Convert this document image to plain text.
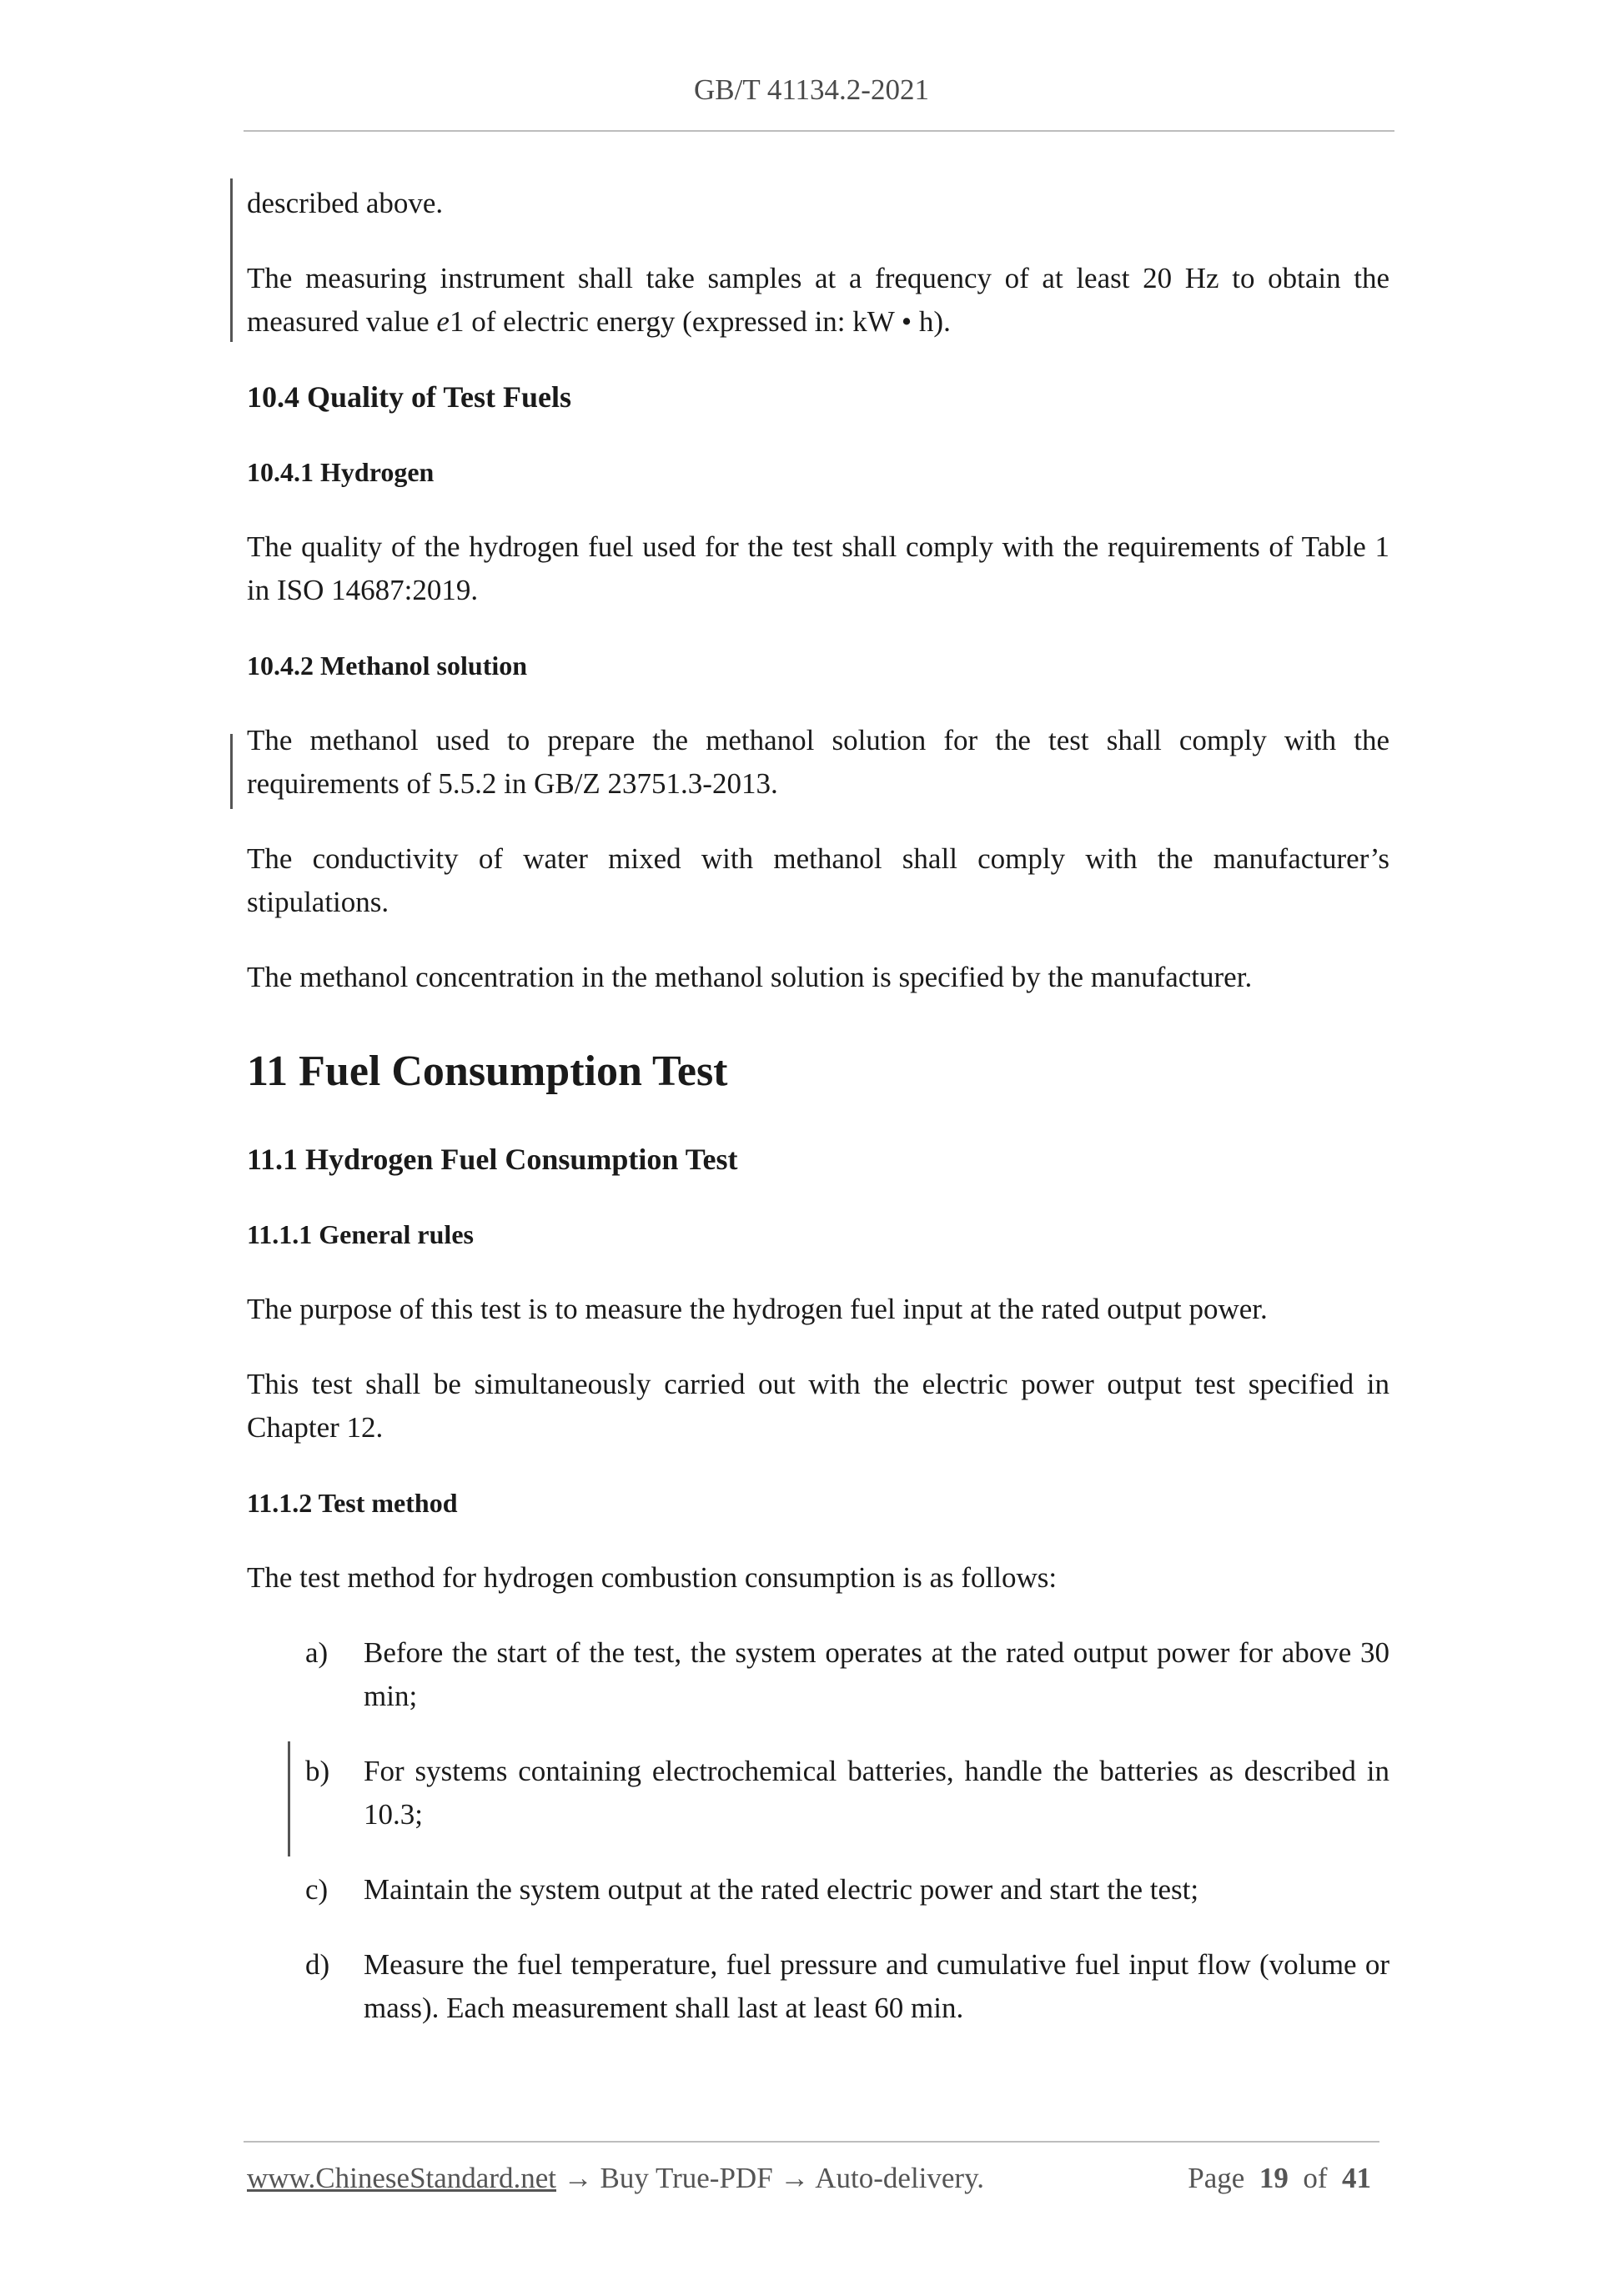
GB/T 41134.2-2021

described above.

The measuring instrument shall take samples at a frequency of at least 20 Hz to obtain the measured value e1 of electric energy (expressed in: kW • h).

10.4 Quality of Test Fuels

10.4.1 Hydrogen

The quality of the hydrogen fuel used for the test shall comply with the requirements of Table 1 in ISO 14687:2019.

10.4.2 Methanol solution

The methanol used to prepare the methanol solution for the test shall comply with the requirements of 5.5.2 in GB/Z 23751.3-2013.

The conductivity of water mixed with methanol shall comply with the manufacturer’s stipulations.

The methanol concentration in the methanol solution is specified by the manufacturer.

11 Fuel Consumption Test

11.1 Hydrogen Fuel Consumption Test

11.1.1 General rules

The purpose of this test is to measure the hydrogen fuel input at the rated output power.

This test shall be simultaneously carried out with the electric power output test specified in Chapter 12.

11.1.2 Test method

The test method for hydrogen combustion consumption is as follows:

a) Before the start of the test, the system operates at the rated output power for above 30 min;
b) For systems containing electrochemical batteries, handle the batteries as described in 10.3;
c) Maintain the system output at the rated electric power and start the test;
d) Measure the fuel temperature, fuel pressure and cumulative fuel input flow (volume or mass). Each measurement shall last at least 60 min.
www.ChineseStandard.net → Buy True-PDF → Auto-delivery.	Page 19 of 41
